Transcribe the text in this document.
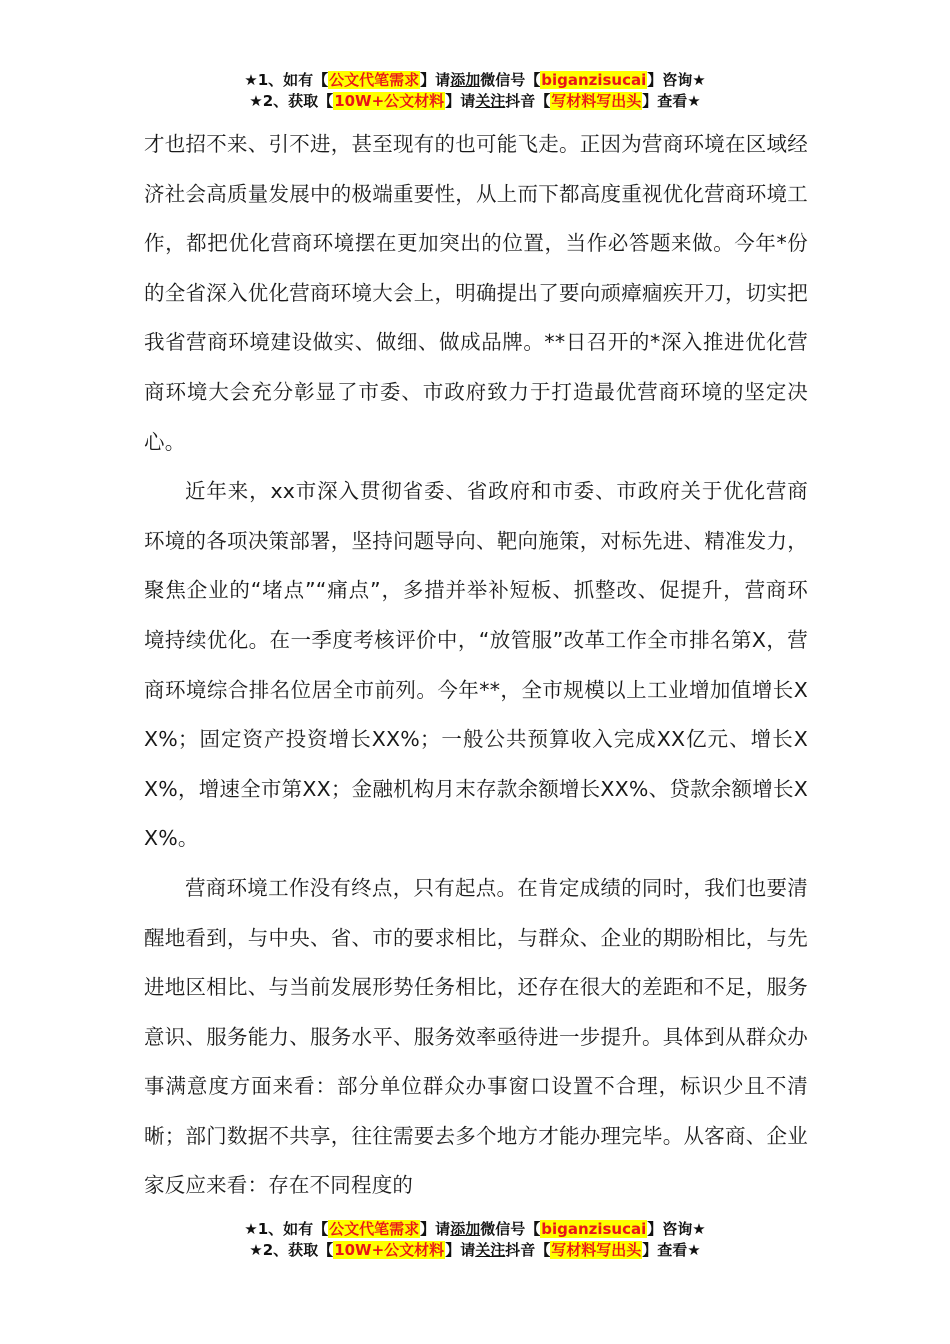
★1、如有【公文代笔需求】请添加微信号【biganzisucai】咨询★
★2、获取【10W+公文材料】请关注抖音【写材料写出头】查看★

才也招不来、引不进，甚至现有的也可能飞走。正因为营商环境在区域经济社会高质量发展中的极端重要性，从上而下都高度重视优化营商环境工作，都把优化营商环境摆在更加突出的位置，当作必答题来做。今年*份的全省深入优化营商环境大会上，明确提出了要向顽瘴痼疾开刀，切实把我省营商环境建设做实、做细、做成品牌。**日召开的*深入推进优化营商环境大会充分彰显了市委、市政府致力于打造最优营商环境的坚定决心。

近年来，xx市深入贯彻省委、省政府和市委、市政府关于优化营商环境的各项决策部署，坚持问题导向、靶向施策，对标先进、精准发力，聚焦企业的“堵点”“痛点”，多措并举补短板、抓整改、促提升，营商环境持续优化。在一季度考核评价中，“放管服”改革工作全市排名第X，营商环境综合排名位居全市前列。今年**，全市规模以上工业增加值增长XX%；固定资产投资增长XX%；一般公共预算收入完成XX亿元、增长XX%，增速全市第XX；金融机构月末存款余额增长XX%、贷款余额增长XX%。

营商环境工作没有终点，只有起点。在肯定成绩的同时，我们也要清醒地看到，与中央、省、市的要求相比，与群众、企业的期盼相比，与先进地区相比、与当前发展形势任务相比，还存在很大的差距和不足，服务意识、服务能力、服务水平、服务效率亟待进一步提升。具体到从群众办事满意度方面来看：部分单位群众办事窗口设置不合理，标识少且不清晰；部门数据不共享，往往需要去多个地方才能办理完毕。从客商、企业家反应来看：存在不同程度的

★1、如有【公文代笔需求】请添加微信号【biganzisucai】咨询★
★2、获取【10W+公文材料】请关注抖音【写材料写出头】查看★
